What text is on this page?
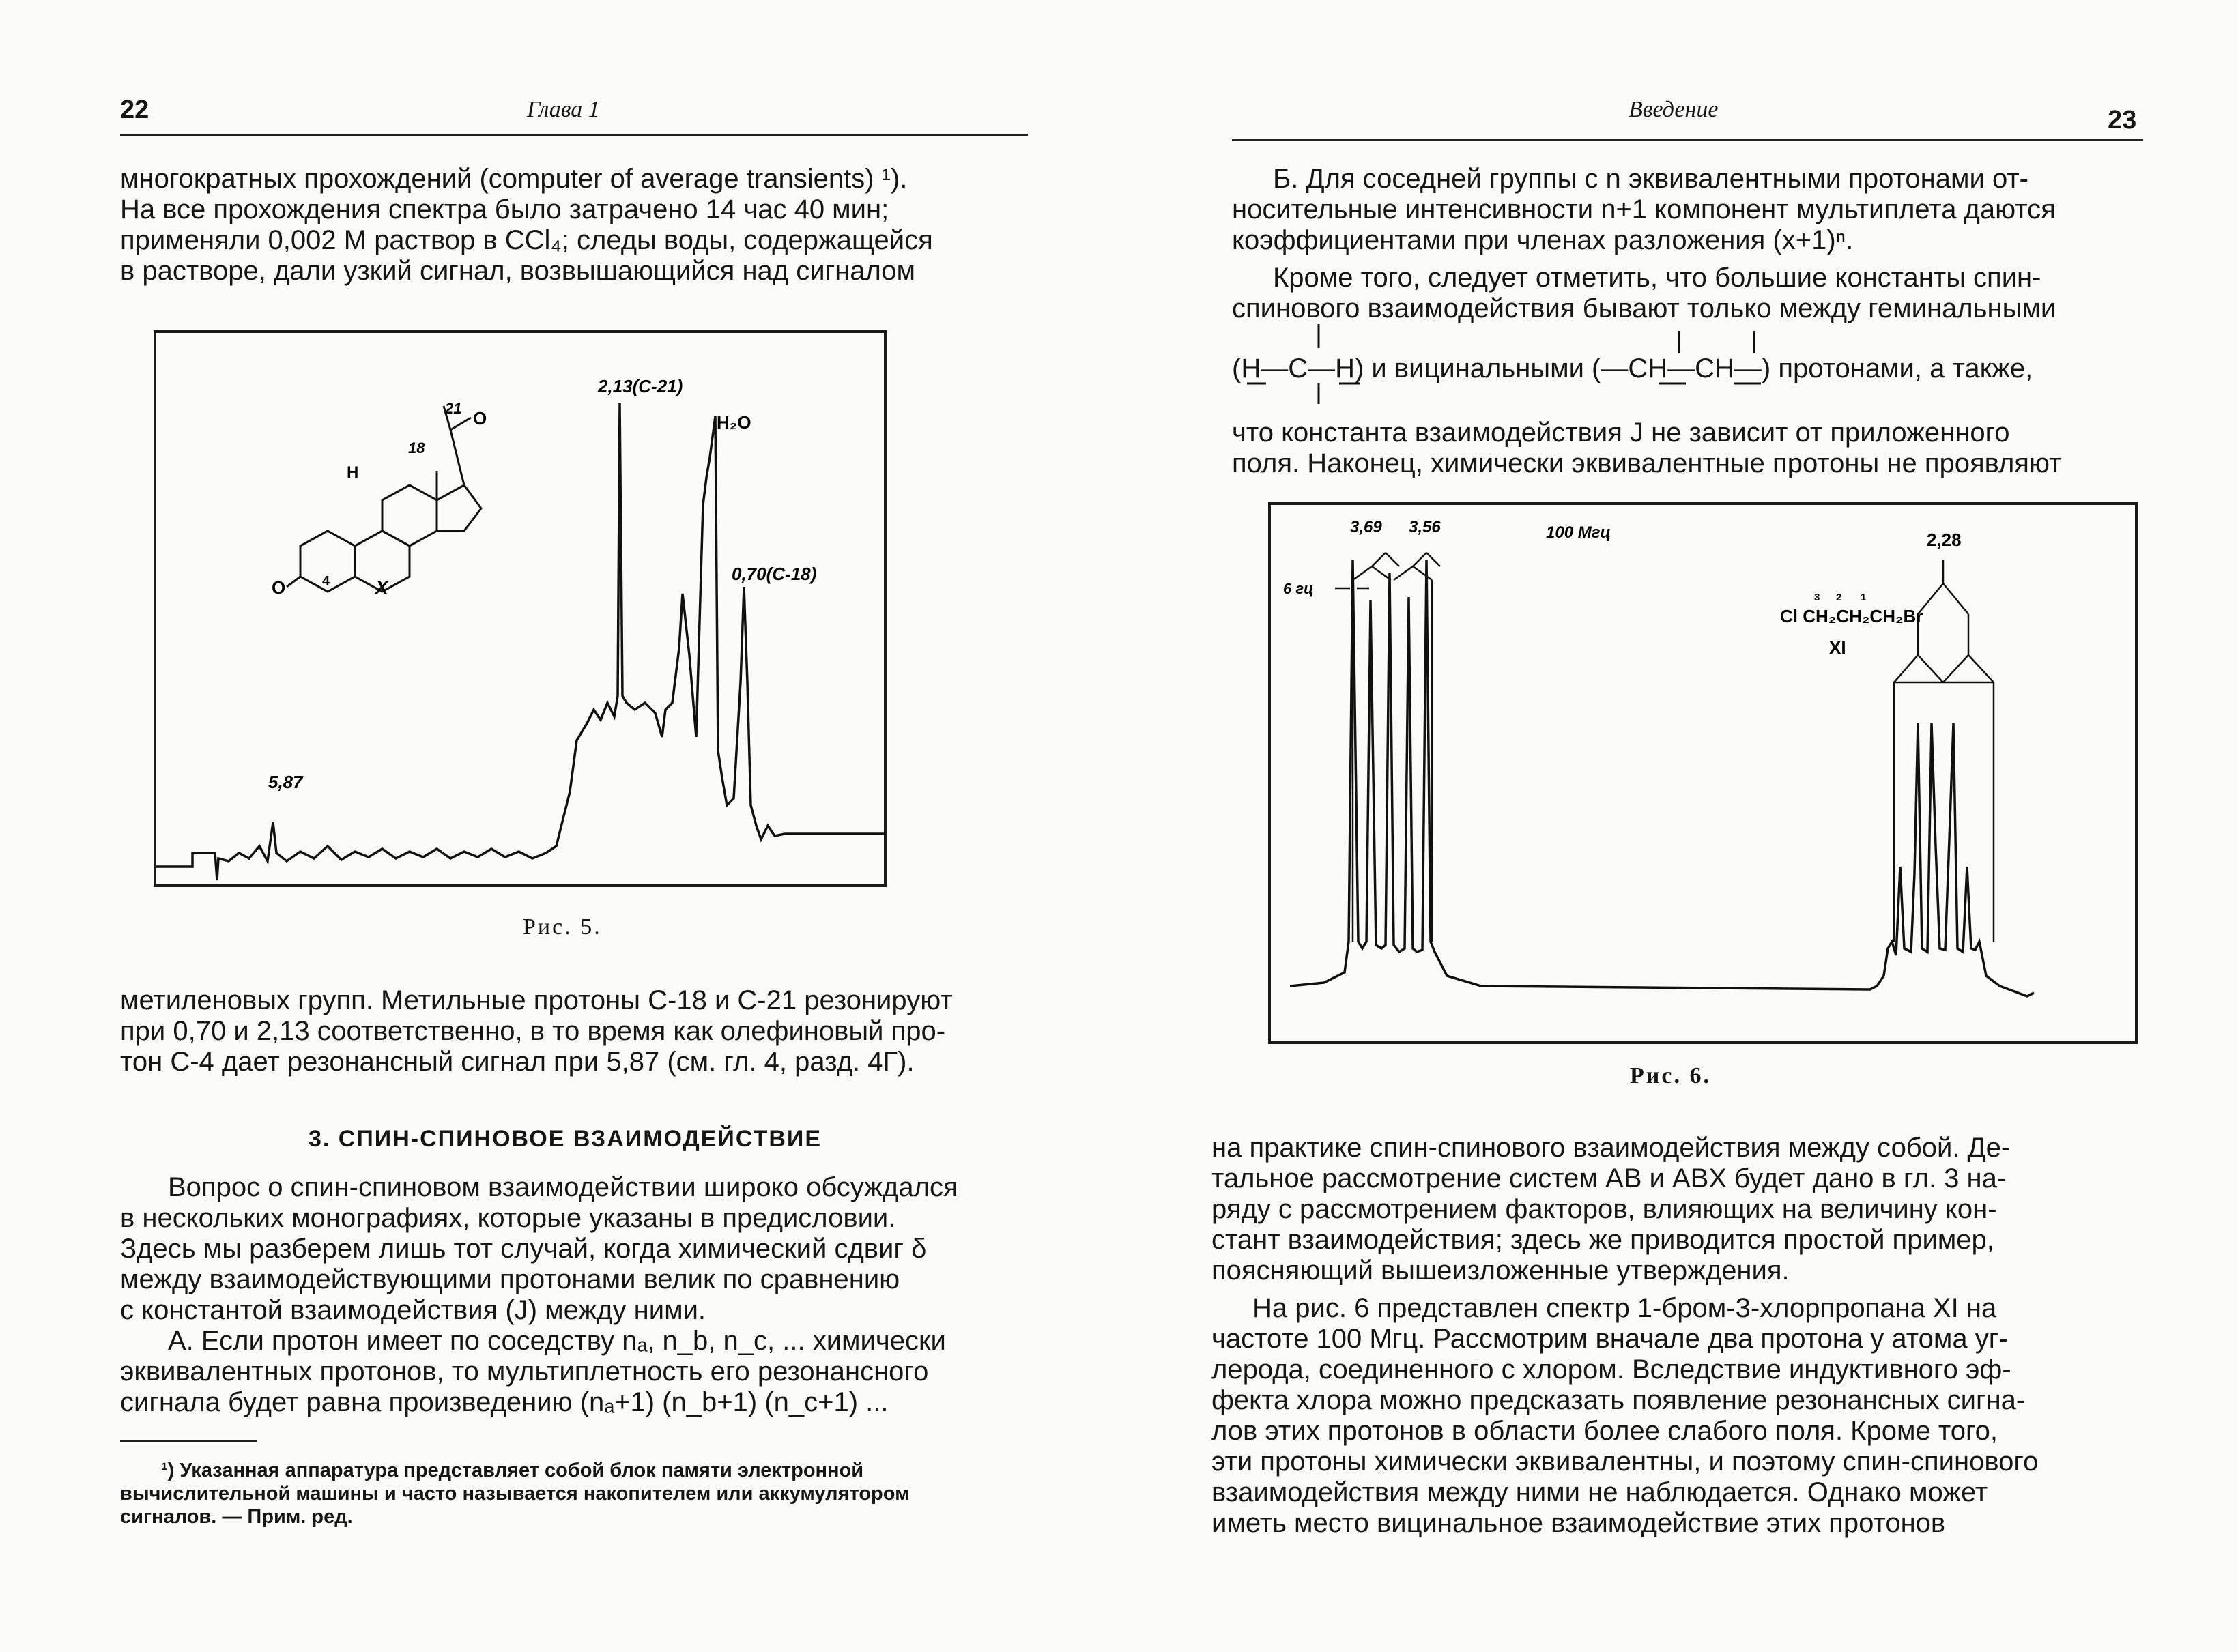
22	Глава 1
многократных прохождений (computer of average transients) ¹).
На все прохождения спектра было затрачено 14 час 40 мин;
применяли 0,002 М раствор в CCl₄; следы воды, содержащейся
в растворе, дали узкий сигнал, возвышающийся над сигналом
21
18
H
O
O	4 X
2,13(С-21)
H₂O
0,70(С-18)
5,87
Рис. 5.
метиленовых групп. Метильные протоны С-18 и С-21 резонируют
при 0,70 и 2,13 соответственно, в то время как олефиновый про-
тон С-4 дает резонансный сигнал при 5,87 (см. гл. 4, разд. 4Г).
3. СПИН-СПИНОВОЕ ВЗАИМОДЕЙСТВИЕ
Вопрос о спин-спиновом взаимодействии широко обсуждался
в нескольких монографиях, которые указаны в предисловии.
Здесь мы разберем лишь тот случай, когда химический сдвиг δ
между взаимодействующими протонами велик по сравнению
с константой взаимодействия (J) между ними.
А. Если протон имеет по соседству nₐ, n_b, n_c, ... химически
эквивалентных протонов, то мультиплетность его резонансного
сигнала будет равна произведению (nₐ+1) (n_b+1) (n_c+1) ...
¹) Указанная аппаратура представляет собой блок памяти электронной
вычислительной машины и часто называется накопителем или аккумулятором
сигналов. — Прим. ред.
Введение	23
Б. Для соседней группы с n эквивалентными протонами от-
носительные интенсивности n+1 компонент мультиплета даются
коэффициентами при членах разложения (x+1)ⁿ.
Кроме того, следует отметить, что большие константы спин-
спинового взаимодействия бывают только между геминальными
(H—C—H) и вицинальными (—CH—CH—) протонами, а также,
что константа взаимодействия J не зависит от приложенного
поля. Наконец, химически эквивалентные протоны не проявляют
3,69 3,56
2,28
100 Мгц
6 гц
3 2 1
Cl CH₂CH₂CH₂Br
XI
Рис. 6.
на практике спин-спинового взаимодействия между собой. Де-
тальное рассмотрение систем AB и ABX будет дано в гл. 3 на-
ряду с рассмотрением факторов, влияющих на величину кон-
стант взаимодействия; здесь же приводится простой пример,
поясняющий вышеизложенные утверждения.
На рис. 6 представлен спектр 1-бром-3-хлорпропана XI на
частоте 100 Мгц. Рассмотрим вначале два протона у атома уг-
лерода, соединенного с хлором. Вследствие индуктивного эф-
фекта хлора можно предсказать появление резонансных сигна-
лов этих протонов в области более слабого поля. Кроме того,
эти протоны химически эквивалентны, и поэтому спин-спинового
взаимодействия между ними не наблюдается. Однако может
иметь место вицинальное взаимодействие этих протонов
